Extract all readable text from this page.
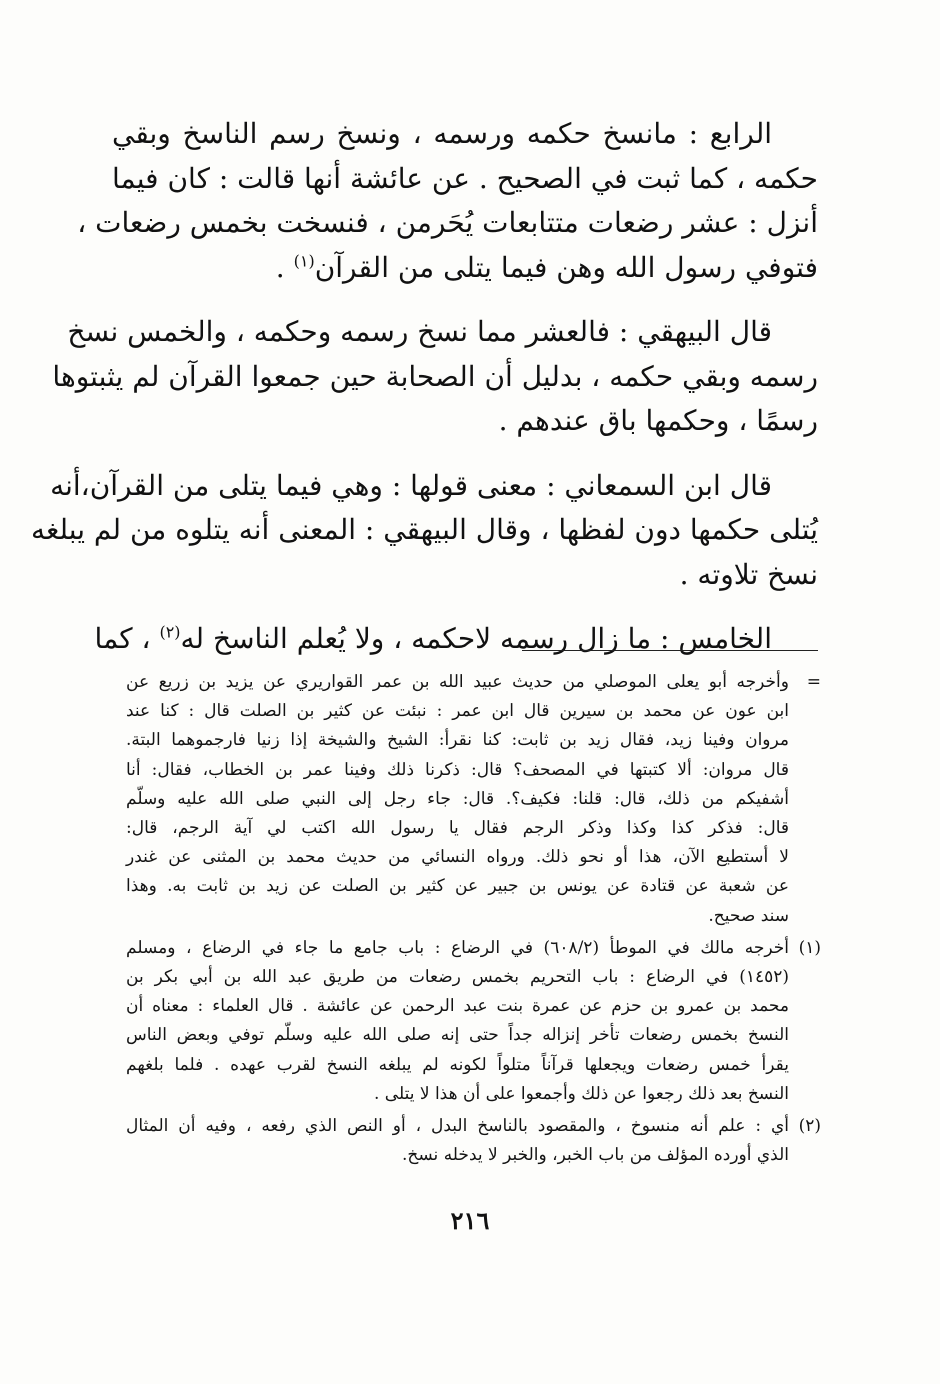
الرابع : مانسخ حكمه ورسمه ، ونسخ رسم الناسخ وبقي
حكمه ، كما ثبت في الصحيح . عن عائشة أنها قالت : كان فيما
أنزل : عشر رضعات متتابعات يُحَرمن ، فنسخت بخمس رضعات ،
فتوفي رسول الله وهن فيما يتلى من القرآن$^{(١)}$ .

قال البيهقي : فالعشر مما نسخ رسمه وحكمه ، والخمس نسخ
رسمه وبقي حكمه ، بدليل أن الصحابة حين جمعوا القرآن لم يثبتوها
رسمًا ، وحكمها باق عندهم .

قال ابن السمعاني : معنى قولها : وهي فيما يتلى من القرآن،أنه
يُتلى حكمها دون لفظها ، وقال البيهقي : المعنى أنه يتلوه من لم يبلغه
نسخ تلاوته .

الخامس : ما زال رسمه لاحكمه ، ولا يُعلم الناسخ له$^{(٢)}$ ، كما

=
وأخرجه أبو يعلى الموصلي من حديث عبيد الله بن عمر القواريري عن يزيد بن زريع عن
ابن عون عن محمد بن سيرين قال ابن عمر : نبئت عن كثير بن الصلت قال : كنا عند
مروان وفينا زيد، فقال زيد بن ثابت: كنا نقرأ: الشيخ والشيخة إذا زنيا فارجموهما البتة.
قال مروان: ألا كتبتها في المصحف؟ قال: ذكرنا ذلك وفينا عمر بن الخطاب، فقال: أنا
أشفيكم من ذلك، قال: قلنا: فكيف؟. قال: جاء رجل إلى النبي صلى الله عليه وسلّم
قال: فذكر كذا وكذا وذكر الرجم فقال يا رسول الله اكتب لي آية الرجم، قال:
لا أستطيع الآن، هذا أو نحو ذلك. ورواه النسائي من حديث محمد بن المثنى عن غندر
عن شعبة عن قتادة عن يونس بن جبير عن كثير بن الصلت عن زيد بن ثابت به. وهذا
سند صحيح.
(١)
أخرجه مالك في الموطأ (٦٠٨/٢) في الرضاع : باب جامع ما جاء في الرضاع ، ومسلم
(١٤٥٢) في الرضاع : باب التحريم بخمس رضعات من طريق عبد الله بن أبي بكر بن
محمد بن عمرو بن حزم عن عمرة بنت عبد الرحمن عن عائشة . قال العلماء : معناه أن
النسخ بخمس رضعات تأخر إنزاله جداً حتى إنه صلى الله عليه وسلّم توفي وبعض الناس
يقرأ خمس رضعات ويجعلها قرآناً متلواً لكونه لم يبلغه النسخ لقرب عهده . فلما بلغهم
النسخ بعد ذلك رجعوا عن ذلك وأجمعوا على أن هذا لا يتلى .
(٢)
أي : علم أنه منسوخ ، والمقصود بالناسخ البدل ، أو النص الذي رفعه ، وفيه أن المثال
الذي أورده المؤلف من باب الخبر، والخبر لا يدخله نسخ.
٢١٦
